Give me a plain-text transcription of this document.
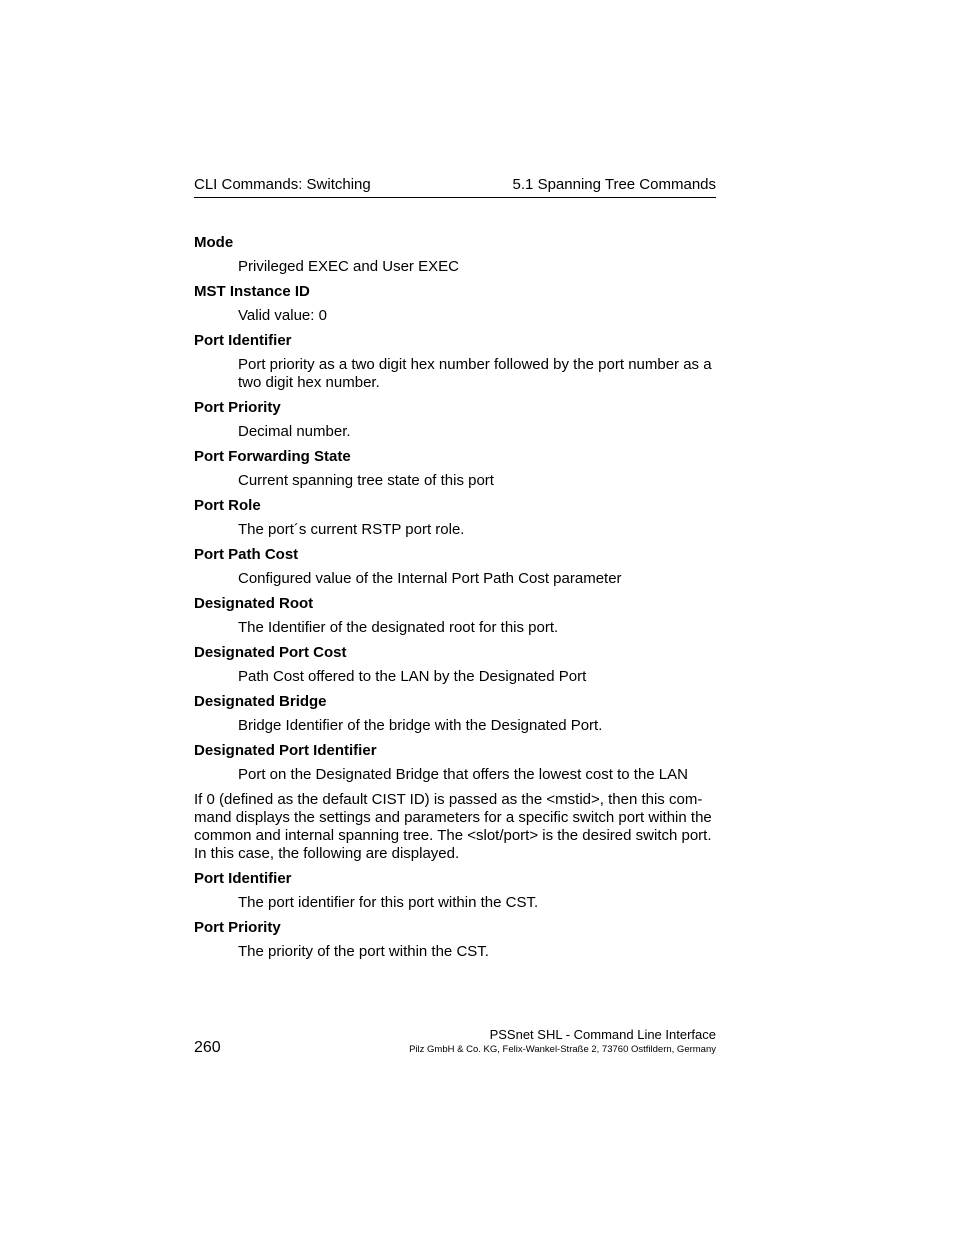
CLI Commands: Switching	5.1 Spanning Tree Commands

Mode

Privileged EXEC and User EXEC

MST Instance ID

Valid value: 0

Port Identifier

Port priority as a two digit hex number followed by the port number as a two digit hex number.

Port Priority

Decimal number.

Port Forwarding State

Current spanning tree state of this port

Port Role

The port´s current RSTP port role.

Port Path Cost

Configured value of the Internal Port Path Cost parameter

Designated Root

The Identifier of the designated root for this port.

Designated Port Cost

Path Cost offered to the LAN by the Designated Port

Designated Bridge

Bridge Identifier of the bridge with the Designated Port.

Designated Port Identifier

Port on the Designated Bridge that offers the lowest cost to the LAN

If 0 (defined as the default CIST ID) is passed as the <mstid>, then this com-mand displays the settings and parameters for a specific switch port within the common and internal spanning tree. The <slot/port> is the desired switch port. In this case, the following are displayed.

Port Identifier

The port identifier for this port within the CST.

Port Priority

The priority of the port within the CST.

260
PSSnet SHL - Command Line Interface
Pilz GmbH & Co. KG, Felix-Wankel-Straße 2, 73760 Ostfildern, Germany
